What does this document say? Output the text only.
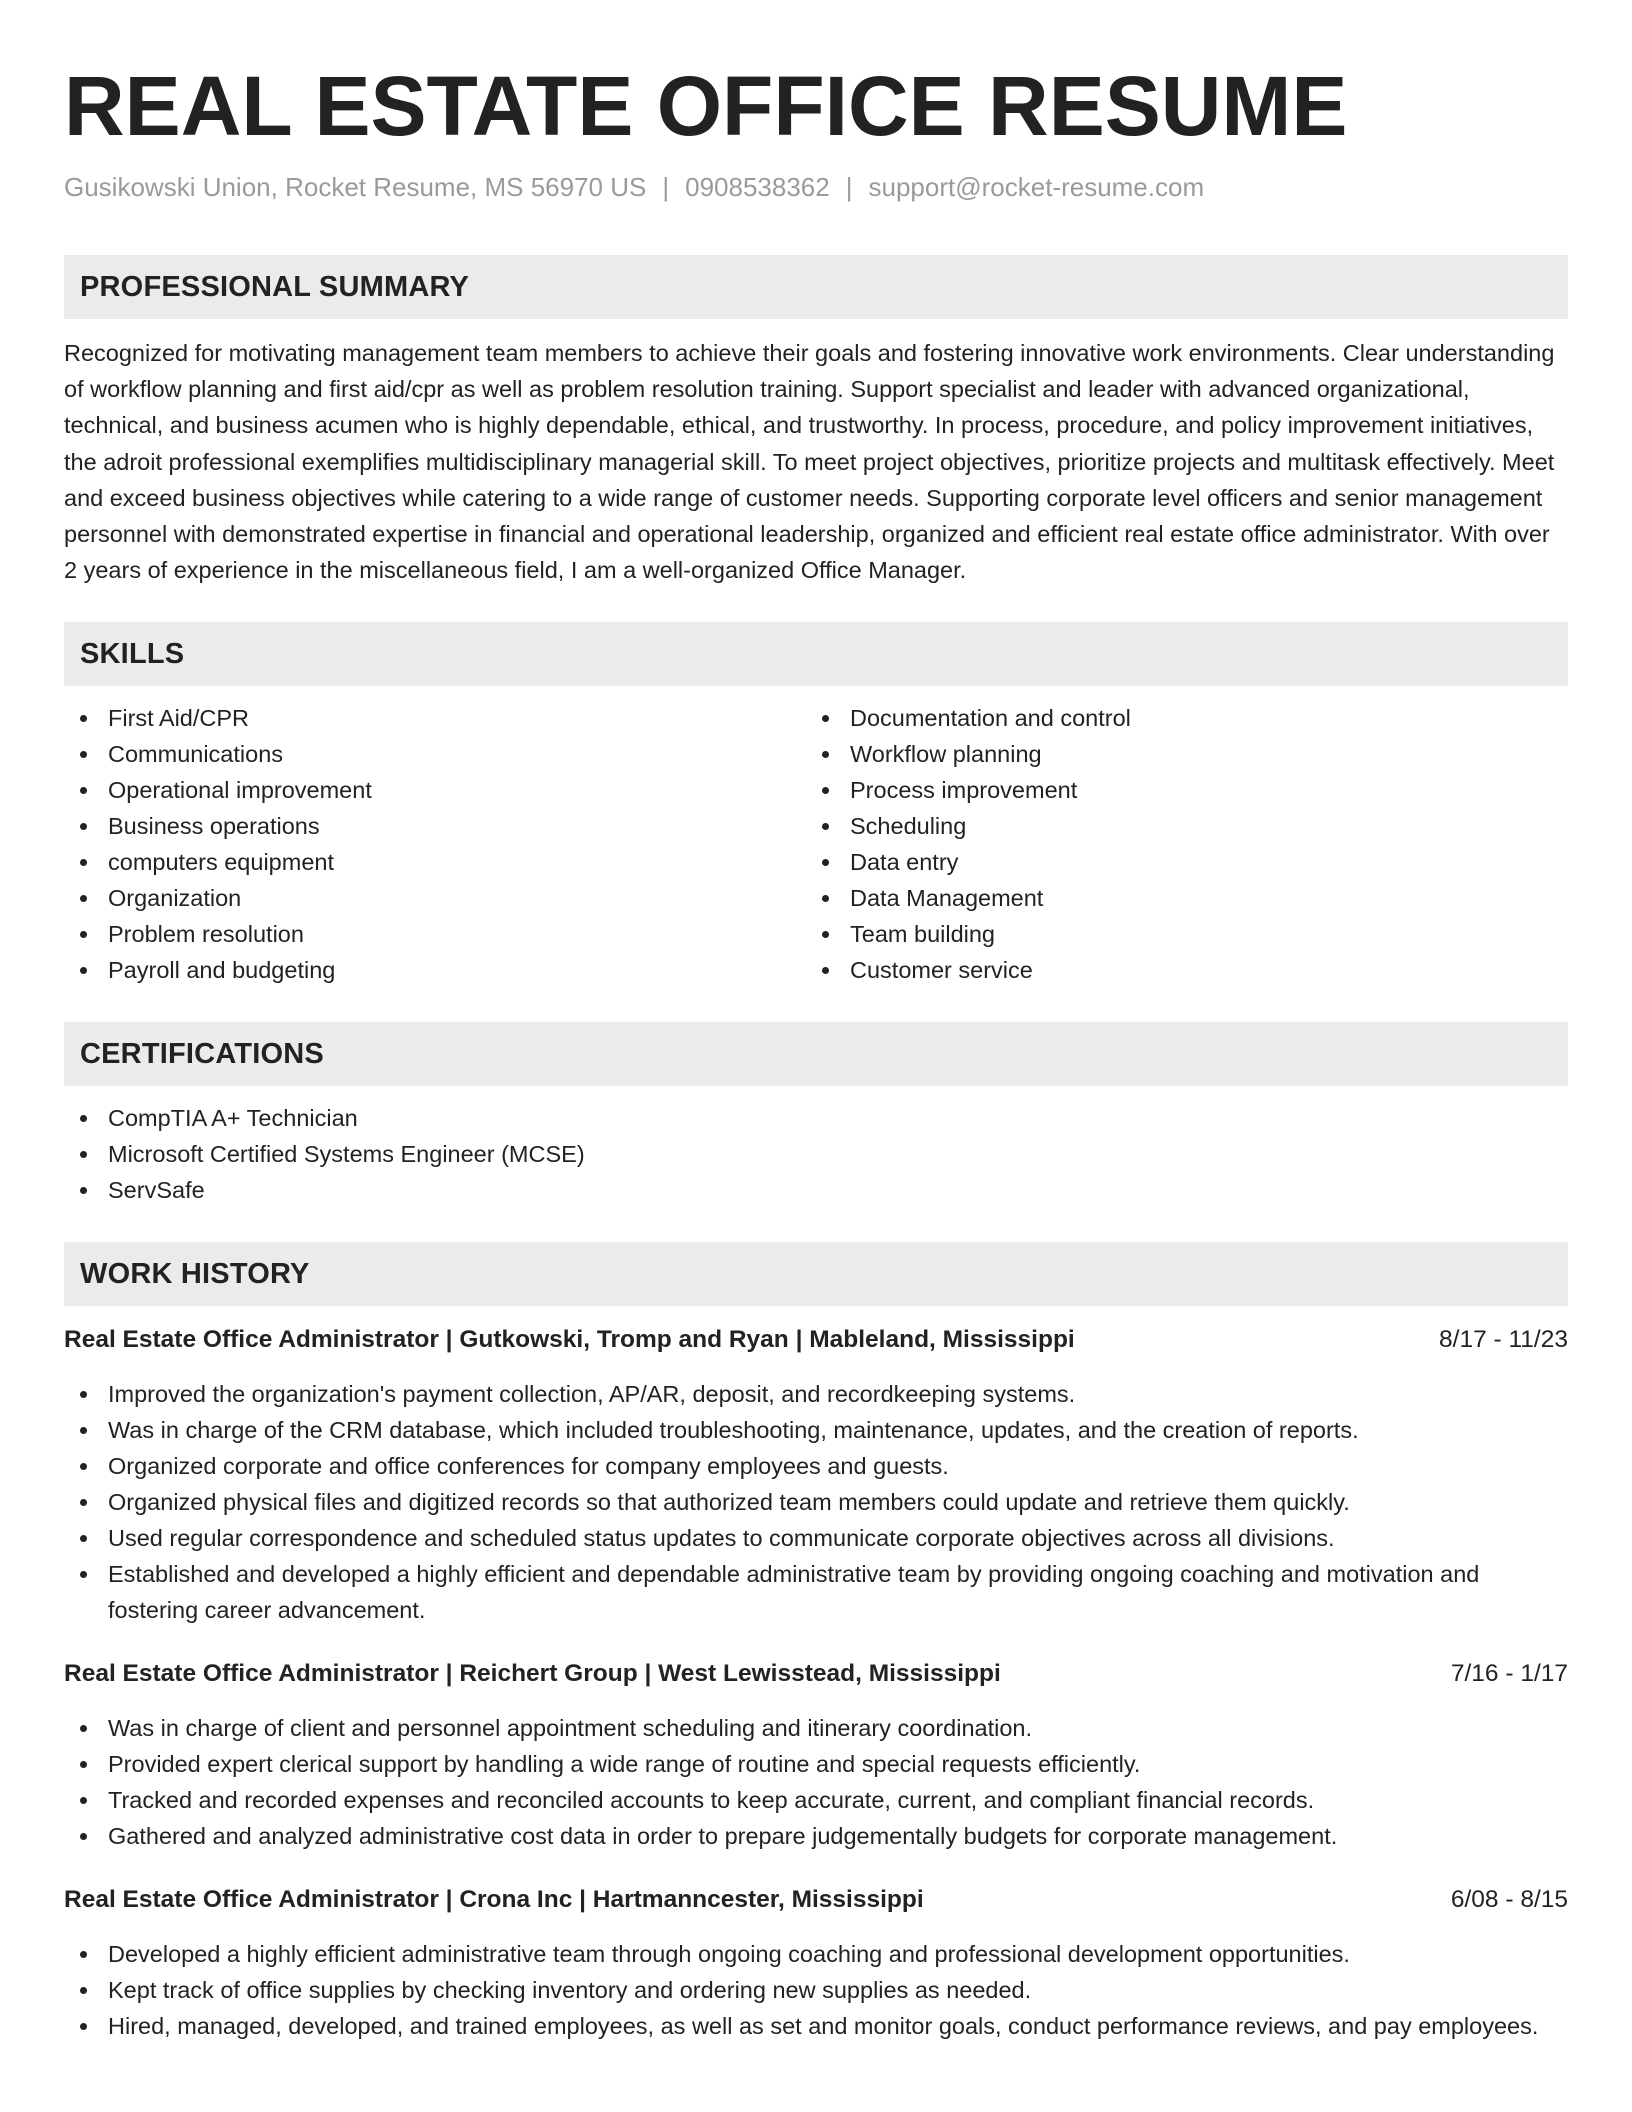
REAL ESTATE OFFICE RESUME
Gusikowski Union, Rocket Resume, MS 56970 US | 0908538362 | support@rocket-resume.com
PROFESSIONAL SUMMARY

Recognized for motivating management team members to achieve their goals and fostering innovative work environments. Clear understanding of workflow planning and first aid/cpr as well as problem resolution training. Support specialist and leader with advanced organizational, technical, and business acumen who is highly dependable, ethical, and trustworthy. In process, procedure, and policy improvement initiatives, the adroit professional exemplifies multidisciplinary managerial skill. To meet project objectives, prioritize projects and multitask effectively. Meet and exceed business objectives while catering to a wide range of customer needs. Supporting corporate level officers and senior management personnel with demonstrated expertise in financial and operational leadership, organized and efficient real estate office administrator. With over 2 years of experience in the miscellaneous field, I am a well-organized Office Manager.

SKILLS
First Aid/CPR
Communications
Operational improvement
Business operations
computers equipment
Organization
Problem resolution
Payroll and budgeting
Documentation and control
Workflow planning
Process improvement
Scheduling
Data entry
Data Management
Team building
Customer service
CERTIFICATIONS
CompTIA A+ Technician
Microsoft Certified Systems Engineer (MCSE)
ServSafe
WORK HISTORY
Real Estate Office Administrator | Gutkowski, Tromp and Ryan | Mableland, Mississippi	8/17 - 11/23
Improved the organization's payment collection, AP/AR, deposit, and recordkeeping systems.
Was in charge of the CRM database, which included troubleshooting, maintenance, updates, and the creation of reports.
Organized corporate and office conferences for company employees and guests.
Organized physical files and digitized records so that authorized team members could update and retrieve them quickly.
Used regular correspondence and scheduled status updates to communicate corporate objectives across all divisions.
Established and developed a highly efficient and dependable administrative team by providing ongoing coaching and motivation and fostering career advancement.
Real Estate Office Administrator | Reichert Group | West Lewisstead, Mississippi	7/16 - 1/17
Was in charge of client and personnel appointment scheduling and itinerary coordination.
Provided expert clerical support by handling a wide range of routine and special requests efficiently.
Tracked and recorded expenses and reconciled accounts to keep accurate, current, and compliant financial records.
Gathered and analyzed administrative cost data in order to prepare judgementally budgets for corporate management.
Real Estate Office Administrator | Crona Inc | Hartmanncester, Mississippi	6/08 - 8/15
Developed a highly efficient administrative team through ongoing coaching and professional development opportunities.
Kept track of office supplies by checking inventory and ordering new supplies as needed.
Hired, managed, developed, and trained employees, as well as set and monitor goals, conduct performance reviews, and pay employees.
